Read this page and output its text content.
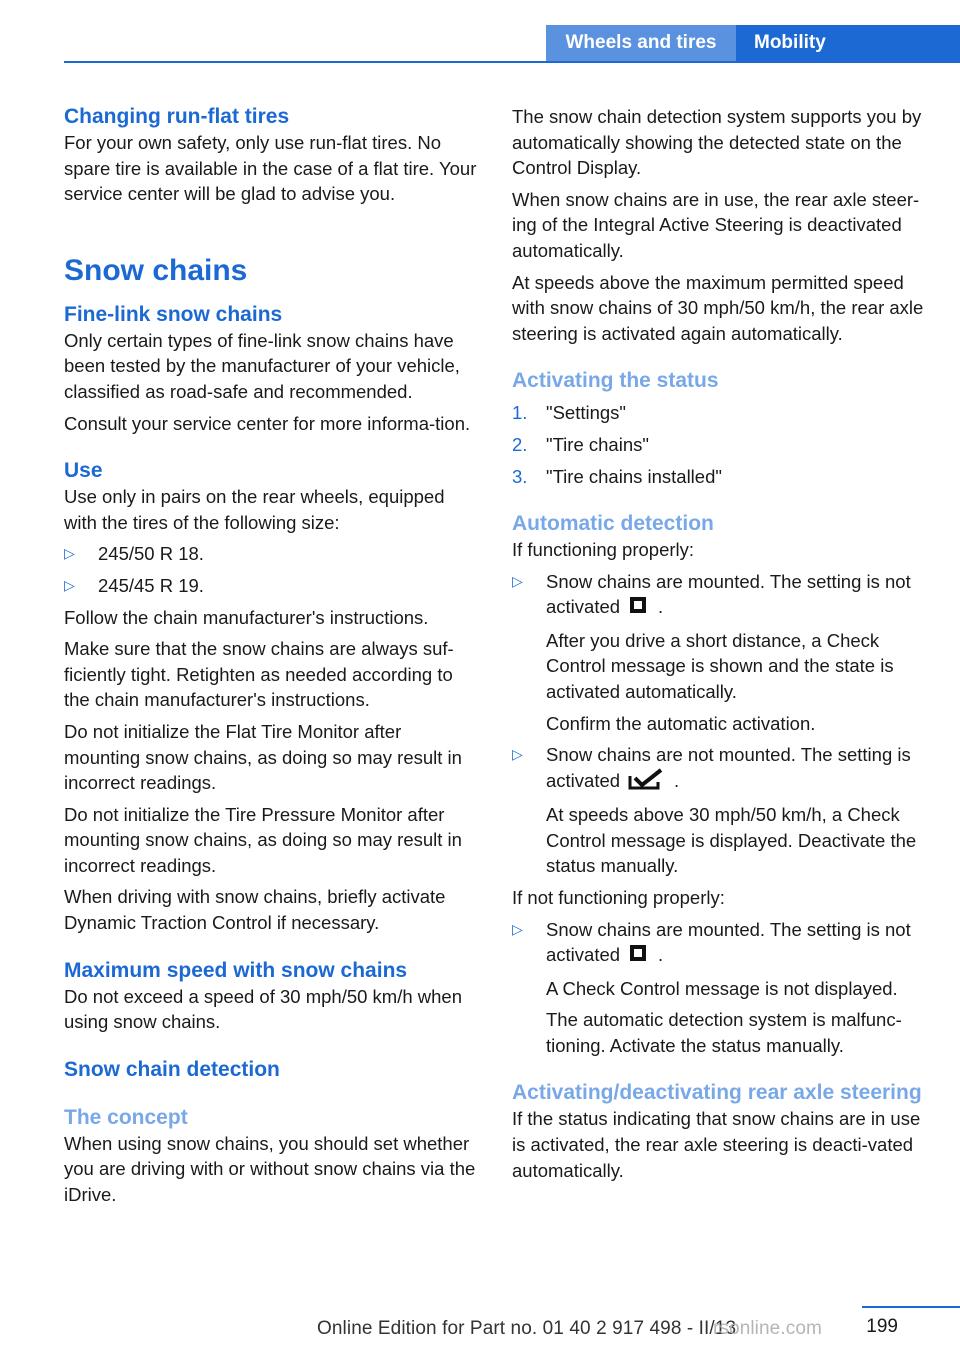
Wheels and tires	Mobility
Changing run-flat tires

For your own safety, only use run-flat tires. No spare tire is available in the case of a flat tire. Your service center will be glad to advise you.

Snow chains
Fine-link snow chains

Only certain types of fine-link snow chains have been tested by the manufacturer of your vehicle, classified as road-safe and recommended.

Consult your service center for more informa-tion.

Use

Use only in pairs on the rear wheels, equipped with the tires of the following size:

▷ 245/50 R 18.
▷ 245/45 R 19.

Follow the chain manufacturer's instructions.

Make sure that the snow chains are always suf-ficiently tight. Retighten as needed according to the chain manufacturer's instructions.

Do not initialize the Flat Tire Monitor after mounting snow chains, as doing so may result in incorrect readings.

Do not initialize the Tire Pressure Monitor after mounting snow chains, as doing so may result in incorrect readings.

When driving with snow chains, briefly activate Dynamic Traction Control if necessary.

Maximum speed with snow chains

Do not exceed a speed of 30 mph/50 km/h when using snow chains.

Snow chain detection
The concept

When using snow chains, you should set whether you are driving with or without snow chains via the iDrive.

The snow chain detection system supports you by automatically showing the detected state on the Control Display.

When snow chains are in use, the rear axle steer-ing of the Integral Active Steering is deactivated automatically.

At speeds above the maximum permitted speed with snow chains of 30 mph/50 km/h, the rear axle steering is activated again automatically.

Activating the status
1. "Settings"
2. "Tire chains"
3. "Tire chains installed"
Automatic detection

If functioning properly:

▷ Snow chains are mounted. The setting is not activated .

After you drive a short distance, a Check Control message is shown and the state is activated automatically.

Confirm the automatic activation.

▷ Snow chains are not mounted. The setting is activated	.

At speeds above 30 mph/50 km/h, a Check Control message is displayed. Deactivate the status manually.

If not functioning properly:

▷ Snow chains are mounted. The setting is not activated .

A Check Control message is not displayed.

The automatic detection system is malfunc-tioning. Activate the status manually.

Activating/deactivating rear axle steering

If the status indicating that snow chains are in use is activated, the rear axle steering is deacti-vated automatically.

199
Online Edition for Part no. 01 40 2 917 498 - II/13
rsonline.com
